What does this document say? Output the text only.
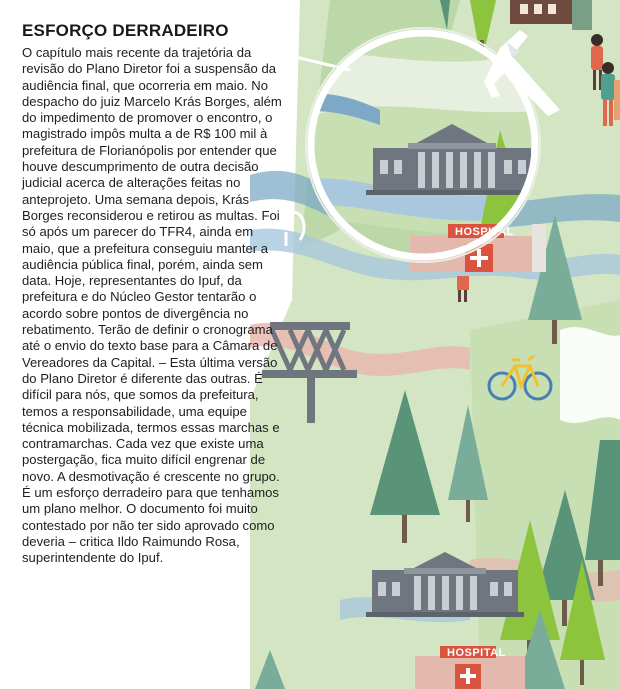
HOSPITAL
HOSPITAL
ESFORÇO DERRADEIRO

O capítulo mais recente da trajetória da revisão do Plano Diretor foi a suspensão da audiência final, que ocorreria em maio. No despacho do juiz Marcelo Krás Borges, além do impedimento de promover o encontro, o magistrado impôs multa a de R$ 100 mil à prefeitura de Florianópolis por entender que houve descumprimento de outra decisão judicial acerca de alterações feitas no anteprojeto. Uma semana depois, Krás Borges reconsiderou e retirou as multas. Foi só após um parecer do TFR4, ainda em maio, que a prefeitura conseguiu manter a audiência pública final, porém, ainda sem data. Hoje, representantes do Ipuf, da prefeitura e do Núcleo Gestor tentarão o acordo sobre pontos de divergência no rebatimento. Terão de definir o cronograma até o envio do texto base para a Câmara de Vereadores da Capital. – Esta última versão do Plano Diretor é diferente das outras. É difícil para nós, que somos da prefeitura, temos a responsabilidade, uma equipe técnica mobilizada, termos essas marchas e contramarchas. Cada vez que existe uma postergação, fica muito difícil engrenar de novo. A desmotivação é crescente no grupo. É um esforço derradeiro para que tenhamos um plano melhor. O documento foi muito contestado por não ter sido aprovado como deveria – critica Ildo Raimundo Rosa, superintendente do Ipuf.
